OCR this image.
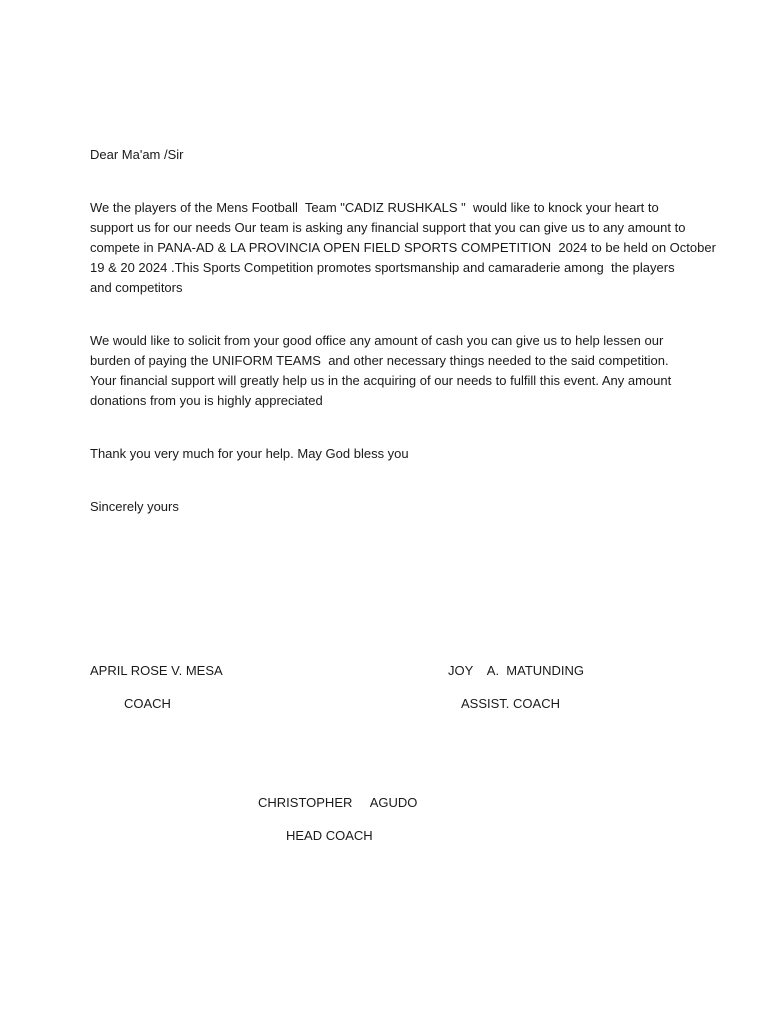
Dear Ma'am /Sir
We the players of the Mens Football  Team "CADIZ RUSHKALS "  would like to knock your heart to
support us for our needs Our team is asking any financial support that you can give us to any amount to
compete in PANA-AD & LA PROVINCIA OPEN FIELD SPORTS COMPETITION  2024 to be held on October
19 & 20 2024 .This Sports Competition promotes sportsmanship and camaraderie among  the players
and competitors
We would like to solicit from your good office any amount of cash you can give us to help lessen our
burden of paying the UNIFORM TEAMS  and other necessary things needed to the said competition.
Your financial support will greatly help us in the acquiring of our needs to fulfill this event. Any amount
donations from you is highly appreciated
Thank you very much for your help. May God bless you
Sincerely yours
APRIL ROSE V. MESA
COACH
JOY    A.  MATUNDING
ASSIST. COACH
CHRISTOPHER     AGUDO
HEAD COACH
